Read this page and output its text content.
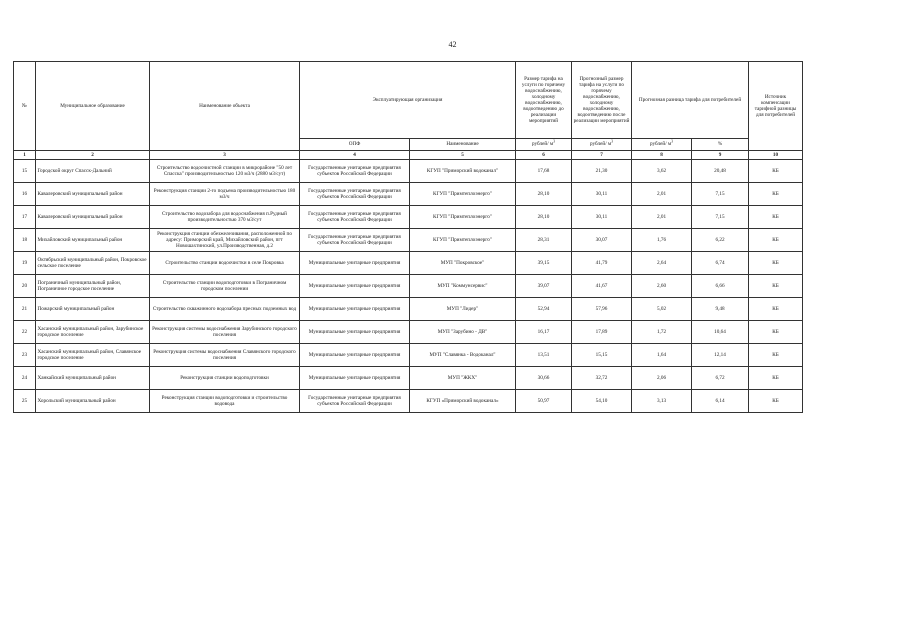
42
№	Муниципальное образование	Наименование объекта	Эксплуатирующая организация		Размер тарифа на услуги по горячему водоснабжению, холодному водоснабжению, водоотведению до реализации мероприятий	Прогнозный размер тарифа на услуги по горячему водоснабжению, холодному водоснабжению, водоотведению после реализации мероприятий	Прогнозная разница тарифа для потребителей		Источник компенсации тарифной разницы для потребителей
			ОПФ	Наименование	рублей/ $м^3$	рублей/ $м^3$	рублей/ $м^3$	%	
1	2	3	4	5	6	7	8	9	10
15	Городской округ Спасск-Дальний	Строительство водоочистной станции в микрорайоне "50 лет Спасска" производительностью 120 м3/ч (2880 м3/сут)	Государственные унитарные предприятия субъектов Российской Федерации	КГУП "Приморский водоканал"	17,68	21,30	3,62	20,48	КБ
16	Кавалеровский муниципальный район	Реконструкция станции 2-го подъема производительностью 180 м3/ч	Государственные унитарные предприятия субъектов Российской Федерации	КГУП "Примтеплоэнерго"	28,10	30,11	2,01	7,15	КБ
17	Кавалеровский муниципальный район	Строительство водозабора для водоснабжения п.Рудный производительностью 370 м3/сут	Государственные унитарные предприятия субъектов Российской Федерации	КГУП "Примтеплоэнерго"	28,10	30,11	2,01	7,15	КБ
18	Михайловский муниципальный район	Реконструкция станции обезжелезивания, расположенной по адресу: Приморский край, Михайловский район, пгт Новошахтинский, ул.Производственная, д.2	Государственные унитарные предприятия субъектов Российской Федерации	КГУП "Примтеплоэнерго"	28,31	30,07	1,76	6,22	КБ
19	Октябрьский муниципальный район, Покровское сельское поселение	Строительство станции водоочистки в селе Покровка	Муниципальные унитарные предприятия	МУП "Покровское"	39,15	41,79	2,64	6,74	КБ
20	Пограничный муниципальный район, Пограничное городское поселение	Строительство станции водоподготовки в Пограничном городском поселении	Муниципальные унитарные предприятия	МУП "Коммунсервис"	39,07	41,67	2,60	6,66	КБ
21	Пожарский муниципальный район	Строительство скважинного водозабора пресных подземных вод	Муниципальные унитарные предприятия	МУП "Лидер"	52,94	57,96	5,02	9,48	КБ
22	Хасанский муниципальный район, Зарубинское городское поселение	Реконструкция системы водоснабжения Зарубинского городского поселения	Муниципальные унитарные предприятия	МУП "Зарубино - ДВ"	16,17	17,89	1,72	10,64	КБ
23	Хасанский муниципальный район, Славянское городское поселение	Реконструкция системы водоснабжения Славянского городского поселения	Муниципальные унитарные предприятия	МУП "Славянка - Водоканал"	13,51	15,15	1,64	12,14	КБ
24	Ханкайский муниципальный район	Реконструкция станции водоподготовки	Муниципальные унитарные предприятия	МУП "ЖКХ"	30,66	32,72	2,06	6,72	КБ
25	Хорольский муниципальный район	Реконструкция станции водоподготовки и строительство водовода	Государственные унитарные предприятия субъектов Российской Федерации	КГУП «Приморский водоканал»	50,97	54,10	3,13	6,14	КБ
